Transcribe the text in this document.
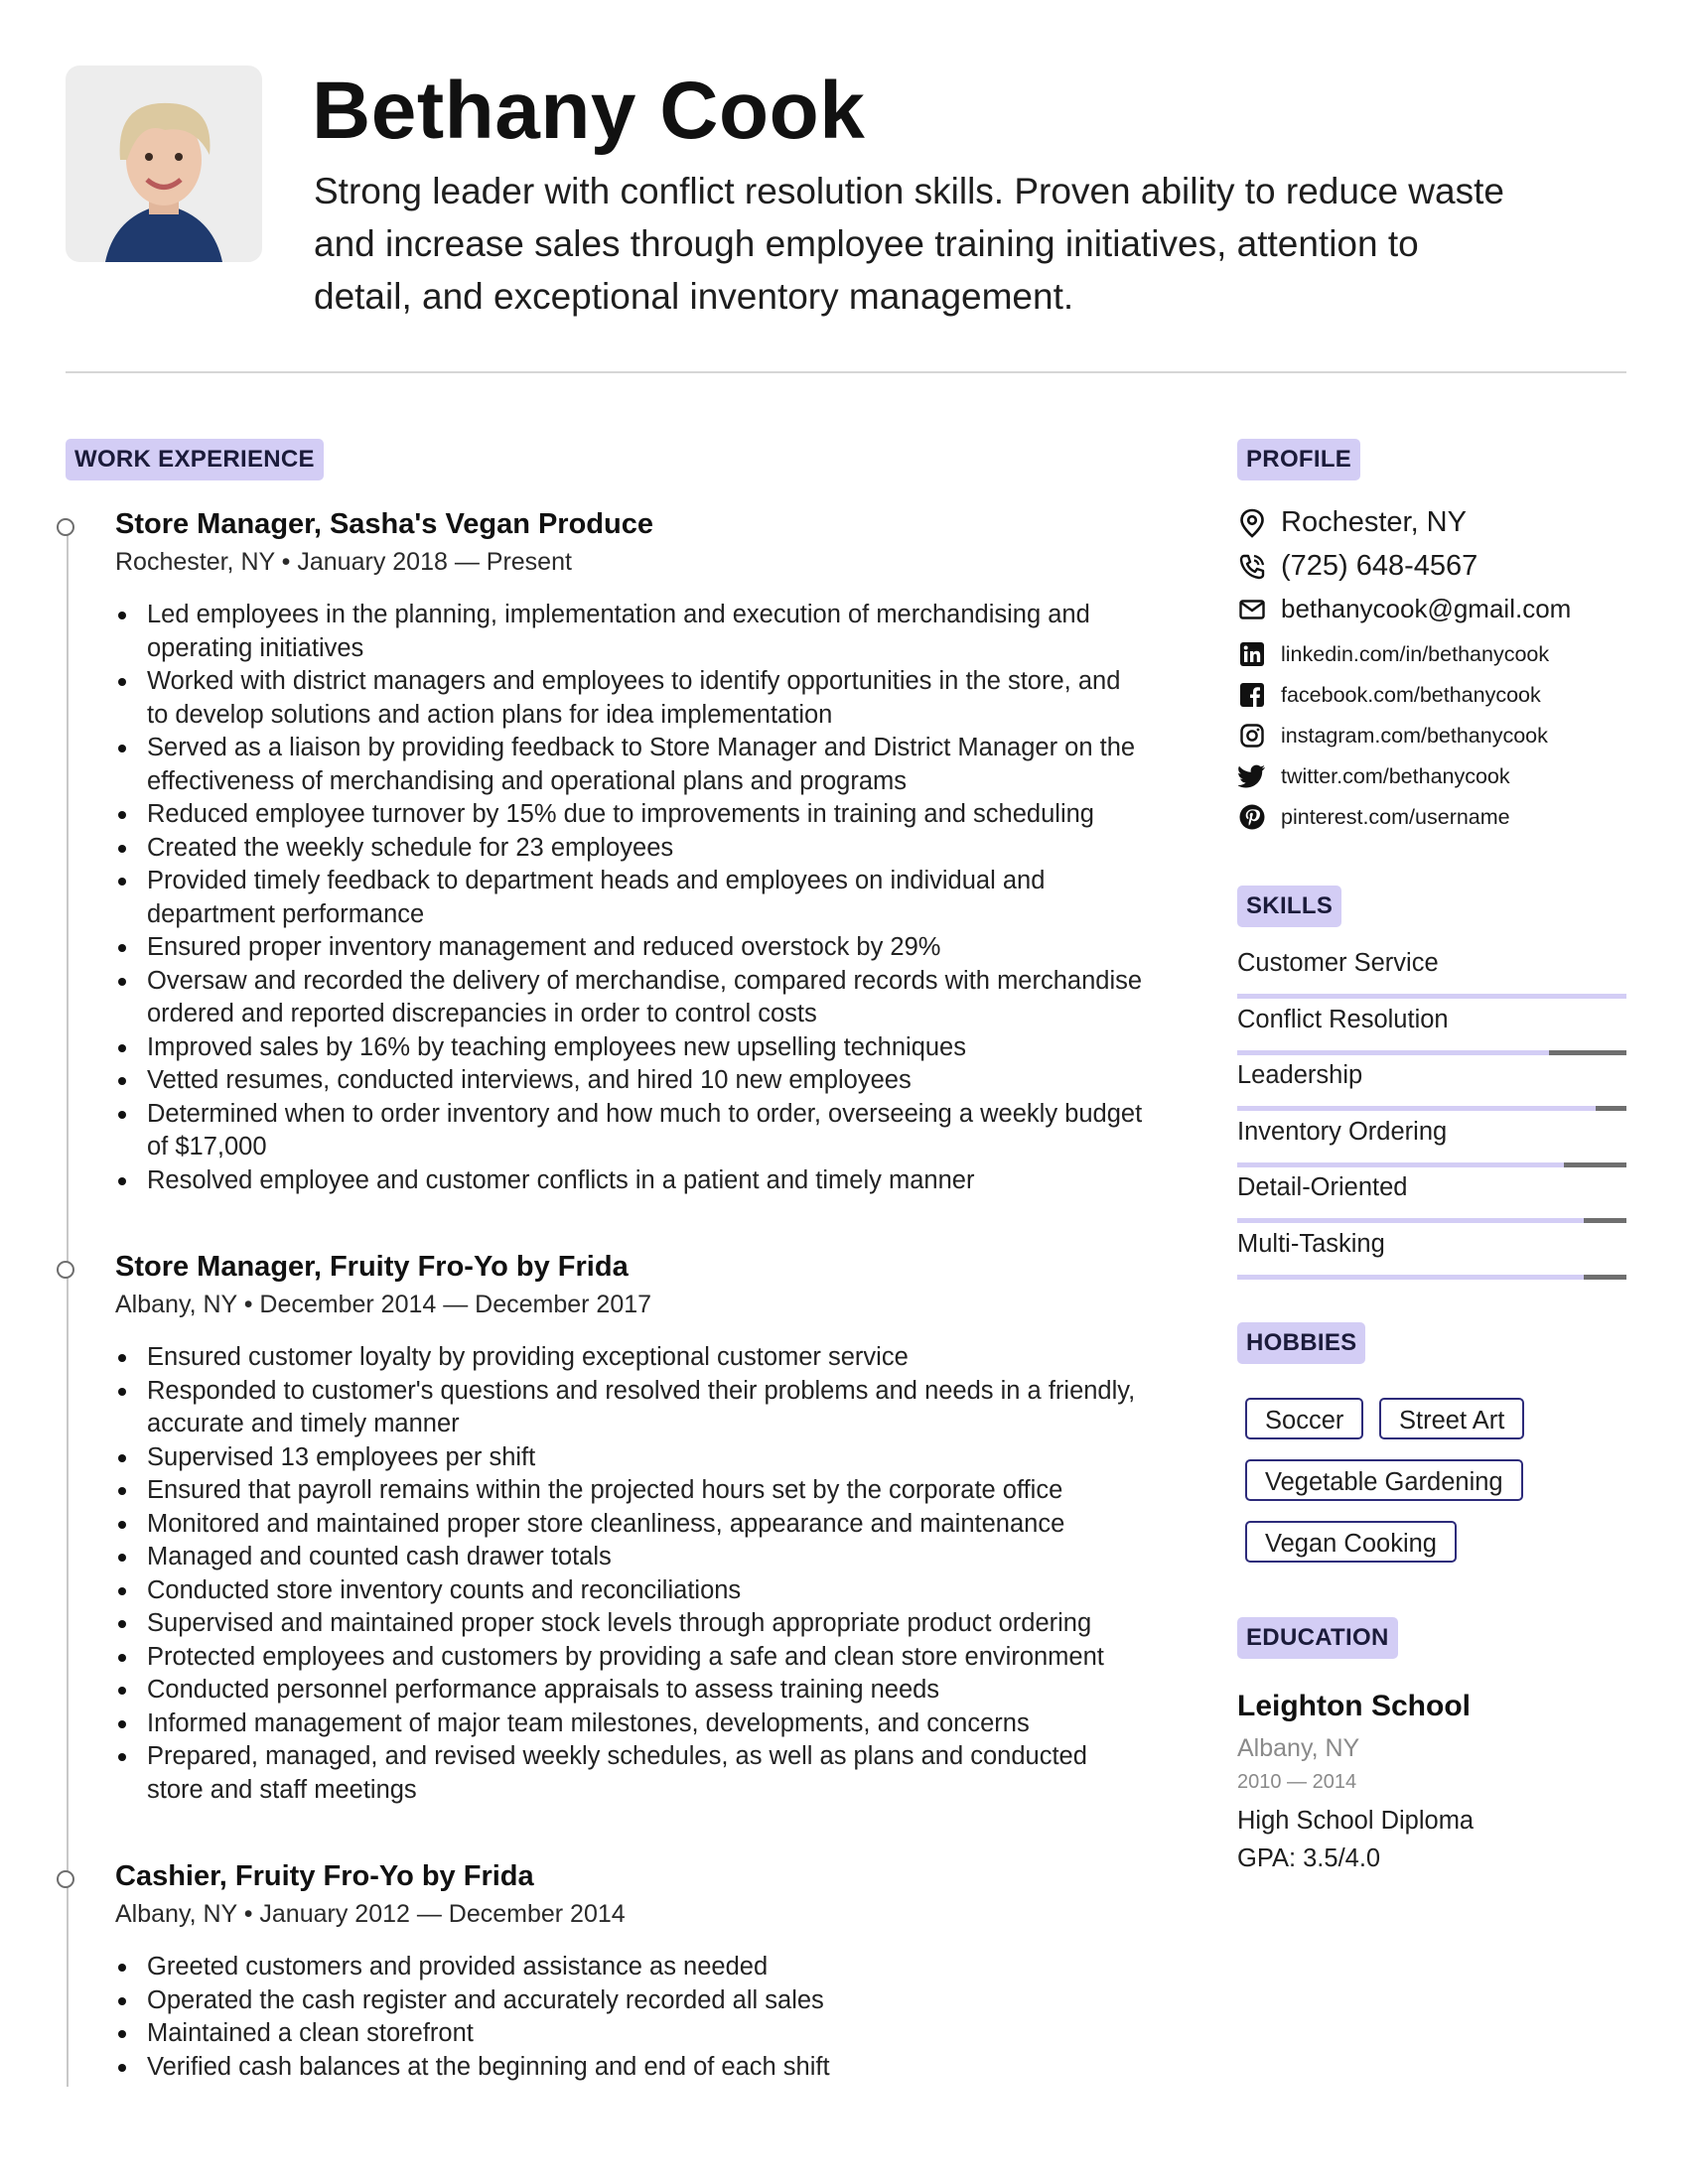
Bethany Cook

Strong leader with conflict resolution skills. Proven ability to reduce waste and increase sales through employee training initiatives, attention to detail, and exceptional inventory management.

WORK EXPERIENCE
Store Manager, Sasha's Vegan Produce
Rochester, NY • January 2018 — Present
Led employees in the planning, implementation and execution of merchandising and operating initiatives
Worked with district managers and employees to identify opportunities in the store, and to develop solutions and action plans for idea implementation
Served as a liaison by providing feedback to Store Manager and District Manager on the effectiveness of merchandising and operational plans and programs
Reduced employee turnover by 15% due to improvements in training and scheduling
Created the weekly schedule for 23 employees
Provided timely feedback to department heads and employees on individual and department performance
Ensured proper inventory management and reduced overstock by 29%
Oversaw and recorded the delivery of merchandise, compared records with merchandise ordered and reported discrepancies in order to control costs
Improved sales by 16% by teaching employees new upselling techniques
Vetted resumes, conducted interviews, and hired 10 new employees
Determined when to order inventory and how much to order, overseeing a weekly budget of $17,000
Resolved employee and customer conflicts in a patient and timely manner
Store Manager, Fruity Fro-Yo by Frida
Albany, NY • December 2014 — December 2017
Ensured customer loyalty by providing exceptional customer service
Responded to customer's questions and resolved their problems and needs in a friendly, accurate and timely manner
Supervised 13 employees per shift
Ensured that payroll remains within the projected hours set by the corporate office
Monitored and maintained proper store cleanliness, appearance and maintenance
Managed and counted cash drawer totals
Conducted store inventory counts and reconciliations
Supervised and maintained proper stock levels through appropriate product ordering
Protected employees and customers by providing a safe and clean store environment
Conducted personnel performance appraisals to assess training needs
Informed management of major team milestones, developments, and concerns
Prepared, managed, and revised weekly schedules, as well as plans and conducted store and staff meetings
Cashier, Fruity Fro-Yo by Frida
Albany, NY • January 2012 — December 2014
Greeted customers and provided assistance as needed
Operated the cash register and accurately recorded all sales
Maintained a clean storefront
Verified cash balances at the beginning and end of each shift
PROFILE
Rochester, NY
(725) 648-4567
bethanycook@gmail.com
linkedin.com/in/bethanycook
facebook.com/bethanycook
instagram.com/bethanycook
twitter.com/bethanycook
pinterest.com/username
SKILLS
Customer Service
Conflict Resolution
Leadership
Inventory Ordering
Detail-Oriented
Multi-Tasking
HOBBIES
Soccer	Street Art
Vegetable Gardening
Vegan Cooking
EDUCATION
Leighton School
Albany, NY
2010 — 2014
High School Diploma
GPA: 3.5/4.0
